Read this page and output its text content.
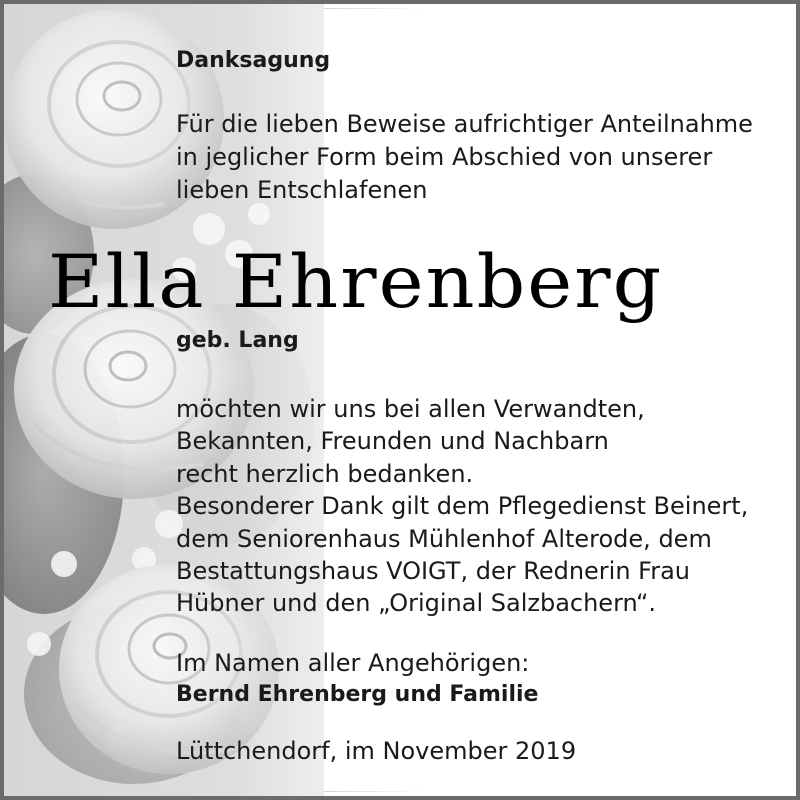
Danksagung

Für die lieben Beweise aufrichtiger Anteilnahme
in jeglicher Form beim Abschied von unserer
lieben Entschlafenen
Ella Ehrenberg

geb. Lang

möchten wir uns bei allen Verwandten,
Bekannten, Freunden und Nachbarn
recht herzlich bedanken.
Besonderer Dank gilt dem Pflegedienst Beinert,
dem Seniorenhaus Mühlenhof Alterode, dem
Bestattungshaus VOIGT, der Rednerin Frau
Hübner und den „Original Salzbachern“.

Im Namen aller Angehörigen:

Bernd Ehrenberg und Familie

Lüttchendorf, im November 2019
